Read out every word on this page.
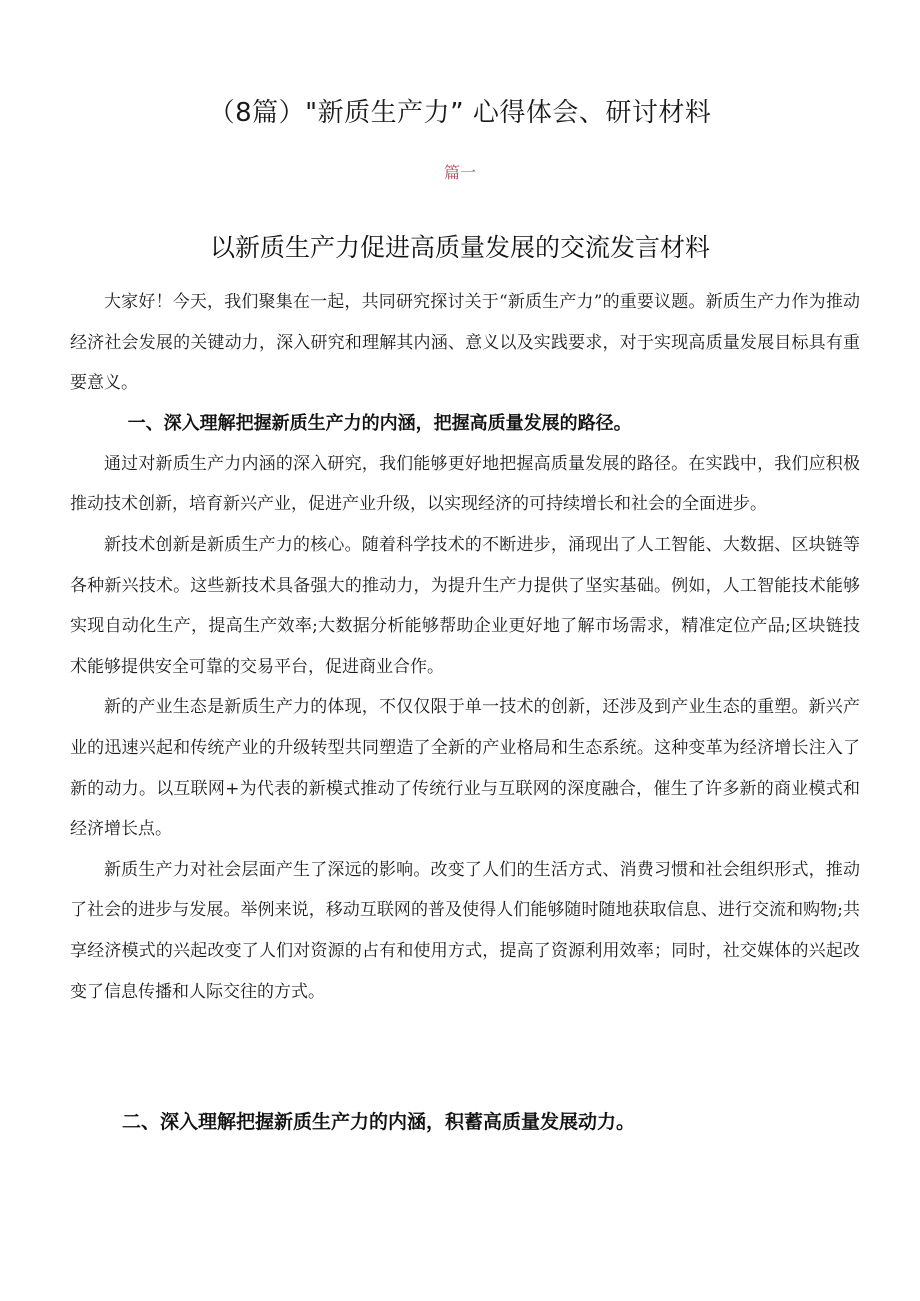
（8篇）"新质生产力” 心得体会、研讨材料
篇一
以新质生产力促进高质量发展的交流发言材料

大家好！今天，我们聚集在一起，共同研究探讨关于“新质生产力”的重要议题。新质生产力作为推动经济社会发展的关键动力，深入研究和理解其内涵、意义以及实践要求，对于实现高质量发展目标具有重要意义。

一、深入理解把握新质生产力的内涵，把握高质量发展的路径。

通过对新质生产力内涵的深入研究，我们能够更好地把握高质量发展的路径。在实践中，我们应积极推动技术创新，培育新兴产业，促进产业升级，以实现经济的可持续增长和社会的全面进步。

新技术创新是新质生产力的核心。随着科学技术的不断进步，涌现出了人工智能、大数据、区块链等各种新兴技术。这些新技术具备强大的推动力，为提升生产力提供了坚实基础。例如，人工智能技术能够实现自动化生产，提高生产效率;大数据分析能够帮助企业更好地了解市场需求，精准定位产品;区块链技术能够提供安全可靠的交易平台，促进商业合作。

新的产业生态是新质生产力的体现，不仅仅限于单一技术的创新，还涉及到产业生态的重塑。新兴产业的迅速兴起和传统产业的升级转型共同塑造了全新的产业格局和生态系统。这种变革为经济增长注入了新的动力。以互联网+为代表的新模式推动了传统行业与互联网的深度融合，催生了许多新的商业模式和经济增长点。

新质生产力对社会层面产生了深远的影响。改变了人们的生活方式、消费习惯和社会组织形式，推动了社会的进步与发展。举例来说，移动互联网的普及使得人们能够随时随地获取信息、进行交流和购物;共享经济模式的兴起改变了人们对资源的占有和使用方式，提高了资源利用效率；同时，社交媒体的兴起改变了信息传播和人际交往的方式。

二、深入理解把握新质生产力的内涵，积蓄高质量发展动力。
